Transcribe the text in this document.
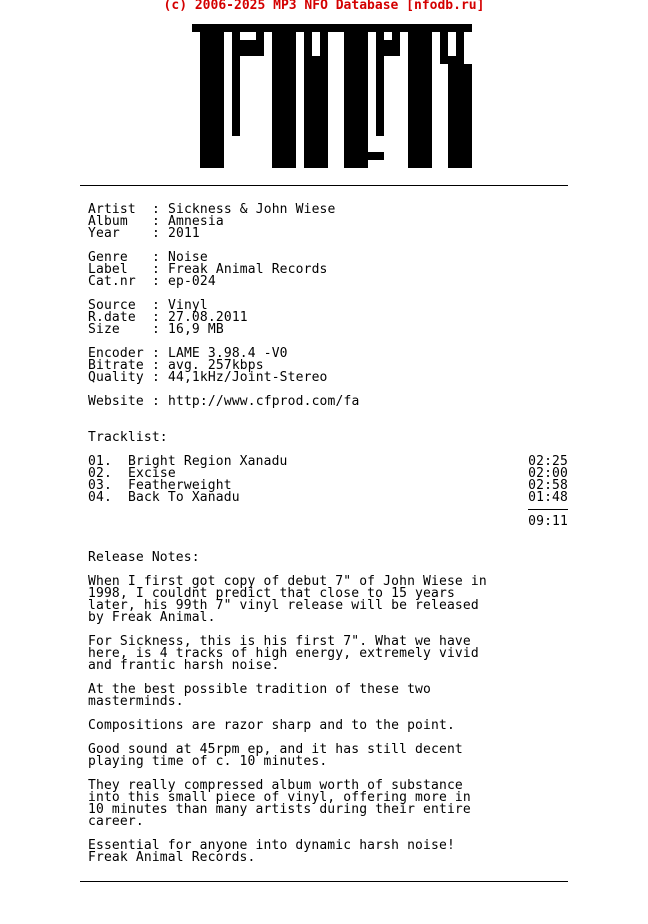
(c) 2006-2025 MP3 NFO Database [nfodb.ru]
Artist : Sickness & John Wiese
Album : Amnesia
Year : 2011
Genre : Noise
Label : Freak Animal Records
Cat.nr : ep-024
Source : Vinyl
R.date : 27.08.2011
Size : 16,9 MB
Encoder : LAME 3.98.4 -V0
Bitrate : avg. 257kbps
Quality : 44,1kHz/Joint-Stereo
Website : http://www.cfprod.com/fa
Tracklist:
01. Bright Region Xanadu	02:25
02. Excise	02:00
03. Featherweight	02:58
04. Back To Xanadu	01:48
09:11
Release Notes:
When I first got copy of debut 7" of John Wiese in
1998, I couldnt predict that close to 15 years
later, his 99th 7" vinyl release will be released
by Freak Animal.
For Sickness, this is his first 7". What we have
here, is 4 tracks of high energy, extremely vivid
and frantic harsh noise.
At the best possible tradition of these two
masterminds.
Compositions are razor sharp and to the point.
Good sound at 45rpm ep, and it has still decent
playing time of c. 10 minutes.
They really compressed album worth of substance
into this small piece of vinyl, offering more in
10 minutes than many artists during their entire
career.
Essential for anyone into dynamic harsh noise!
Freak Animal Records.
